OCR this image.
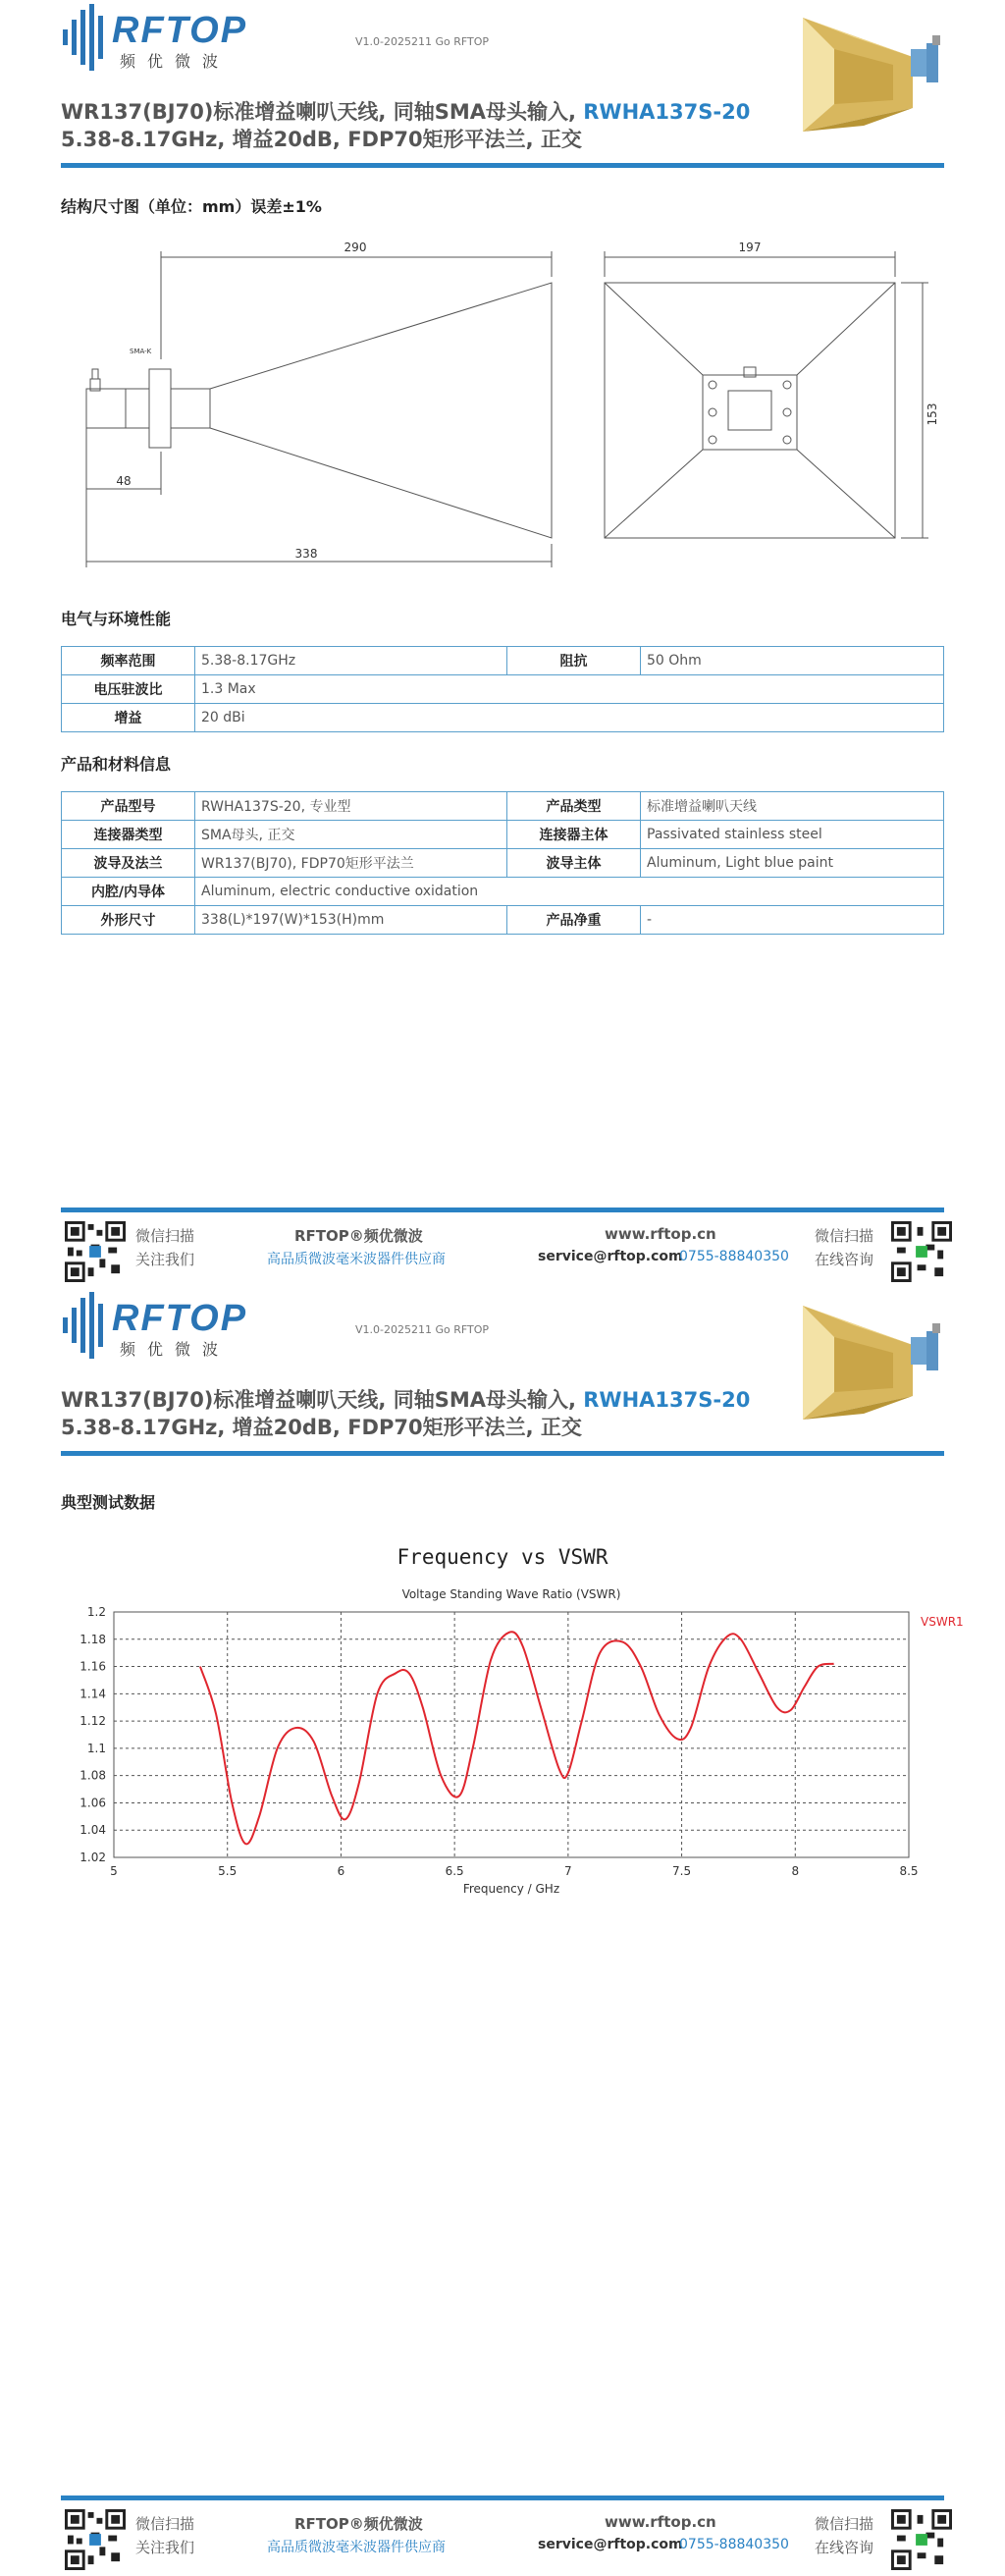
RFTOP
频优微波
V1.0-2025211 Go RFTOP
WR137(BJ70)标准增益喇叭天线, 同轴SMA母头输入, RWHA137S-20
5.38-8.17GHz, 增益20dB, FDP70矩形平法兰, 正交
结构尺寸图（单位：mm）误差±1%
290
48
338
197
153
SMA-K
电气与环境性能
频率范围	5.38-8.17GHz	阻抗	50 Ohm
电压驻波比	1.3 Max		
增益	20 dBi		
产品和材料信息
产品型号	RWHA137S-20, 专业型	产品类型	标准增益喇叭天线
连接器类型	SMA母头, 正交	连接器主体	Passivated stainless steel
波导及法兰	WR137(BJ70), FDP70矩形平法兰	波导主体	Aluminum, Light blue paint
内腔/内导体	Aluminum, electric conductive oxidation		
外形尺寸	338(L)*197(W)*153(H)mm	产品净重	-
微信扫描
关注我们
RFTOP®频优微波
高品质微波毫米波器件供应商
www.rftop.cn
service@rftop.com
0755-88840350
微信扫描
在线咨询
RFTOP
频优微波
V1.0-2025211 Go RFTOP
WR137(BJ70)标准增益喇叭天线, 同轴SMA母头输入, RWHA137S-20
5.38-8.17GHz, 增益20dB, FDP70矩形平法兰, 正交
典型测试数据
Frequency vs VSWR
Voltage Standing Wave Ratio (VSWR)
5	5.5	6	6.5	7	7.5	8	8.5
1.02
1.04
1.06
1.08
1.1
1.12
1.14
1.16
1.18
1.2
Frequency / GHz
VSWR1
微信扫描
关注我们
RFTOP®频优微波
高品质微波毫米波器件供应商
www.rftop.cn
service@rftop.com
0755-88840350
微信扫描
在线咨询
